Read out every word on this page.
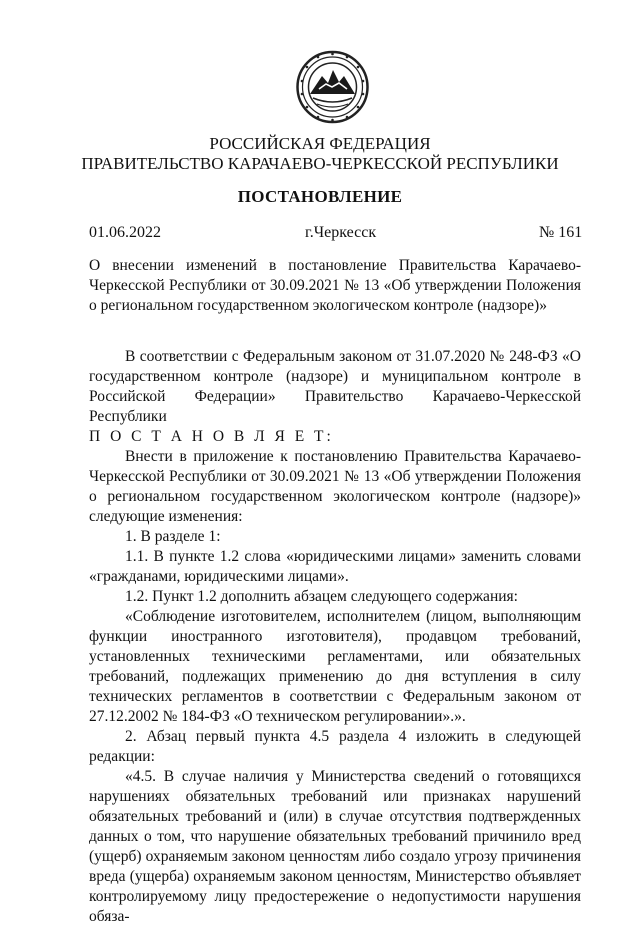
РОССИЙСКАЯ ФЕДЕРАЦИЯ
ПРАВИТЕЛЬСТВО КАРАЧАЕВО-ЧЕРКЕССКОЙ РЕСПУБЛИКИ
ПОСТАНОВЛЕНИЕ
01.06.2022	г.Черкесск	№ 161
О внесении изменений в постановление Правительства Карачаево-Черкесской Республики от 30.09.2021 № 13 «Об утверждении Положения о региональном государственном экологическом контроле (надзоре)»

В соответствии с Федеральным законом от 31.07.2020 № 248-ФЗ «О государственном контроле (надзоре) и муниципальном контроле в Российской Федерации» Правительство Карачаево-Черкесской Республики

П О С Т А Н О В Л Я Е Т:

Внести в приложение к постановлению Правительства Карачаево-Черкесской Республики от 30.09.2021 № 13 «Об утверждении Положения о региональном государственном экологическом контроле (надзоре)» следующие изменения:

1. В разделе 1:

1.1. В пункте 1.2 слова «юридическими лицами» заменить словами «гражданами, юридическими лицами».

1.2. Пункт 1.2 дополнить абзацем следующего содержания:

«Соблюдение изготовителем, исполнителем (лицом, выполняющим функции иностранного изготовителя), продавцом требований, установленных техническими регламентами, или обязательных требований, подлежащих применению до дня вступления в силу технических регламентов в соответствии с Федеральным законом от 27.12.2002 № 184-ФЗ «О техническом регулировании».».

2. Абзац первый пункта 4.5 раздела 4 изложить в следующей редакции:

«4.5. В случае наличия у Министерства сведений о готовящихся нарушениях обязательных требований или признаках нарушений обязательных требований и (или) в случае отсутствия подтвержденных данных о том, что нарушение обязательных требований причинило вред (ущерб) охраняемым законом ценностям либо создало угрозу причинения вреда (ущерба) охраняемым законом ценностям, Министерство объявляет контролируемому лицу предостережение о недопустимости нарушения обяза-
